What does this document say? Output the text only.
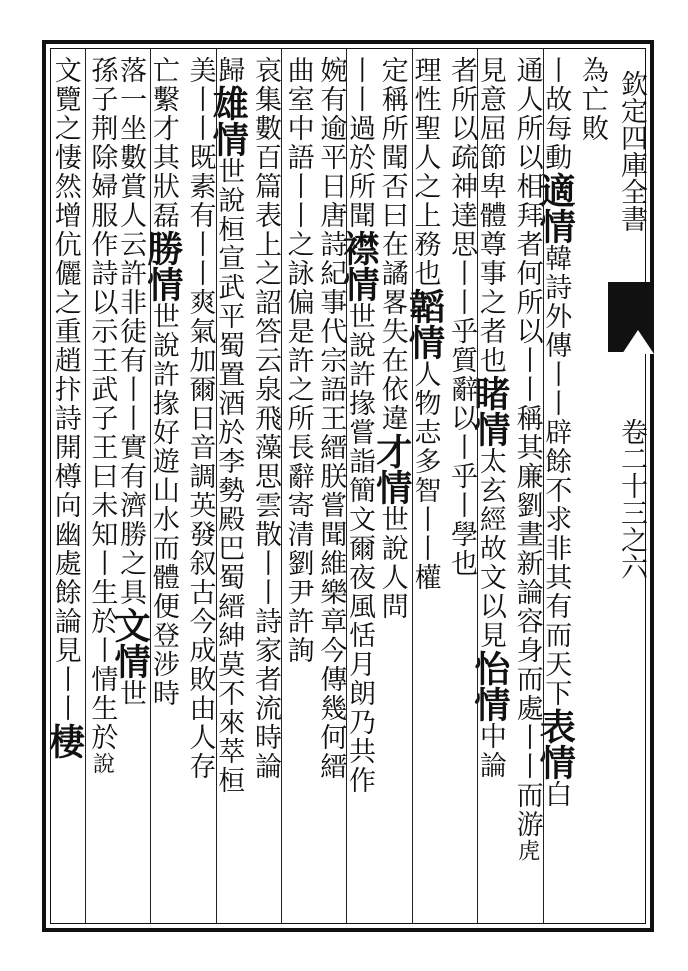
欽定四庫全書
卷二十三之六
為亡敗
丨故每動適情韓詩外傳丨丨辟餘不求非其有而天下表情白
通人所以相拜者何所以丨丨稱其廉劉晝新論容身而處丨丨而游虎
見意屈節卑體尊事之者也睹情太玄經故文以見怡情中論
者所以疏神達思丨丨乎質辭以丨乎丨學也
理性聖人之上務也韜情人物志多智丨丨權
定稱所聞否曰在譎畧失在依違才情世說人問
丨丨過於所聞襟情世說許掾嘗詣簡文爾夜風恬月朗乃共作
婉有逾平日唐詩紀事代宗語王縉朕嘗聞維樂章今傳幾何縉
曲室中語丨丨之詠偏是許之所長辭寄清劉尹許詢
哀集數百篇表上之詔答云泉飛藻思雲散丨丨詩家者流時論
歸雄情世說桓宣武平蜀置酒於李勢殿巴蜀縉紳莫不來萃桓
美丨丨既素有丨丨爽氣加爾日音調英發叙古今成敗由人存
亡繫才其狀磊勝情世說許掾好遊山水而體便登涉時
落一坐數賞人云許非徒有丨丨實有濟勝之具文情世
孫子荆除婦服作詩以示王武子王曰未知丨生於丨情生於說
文覽之悽然增伉儷之重趙抃詩開樽向幽處餘論見丨丨棲
